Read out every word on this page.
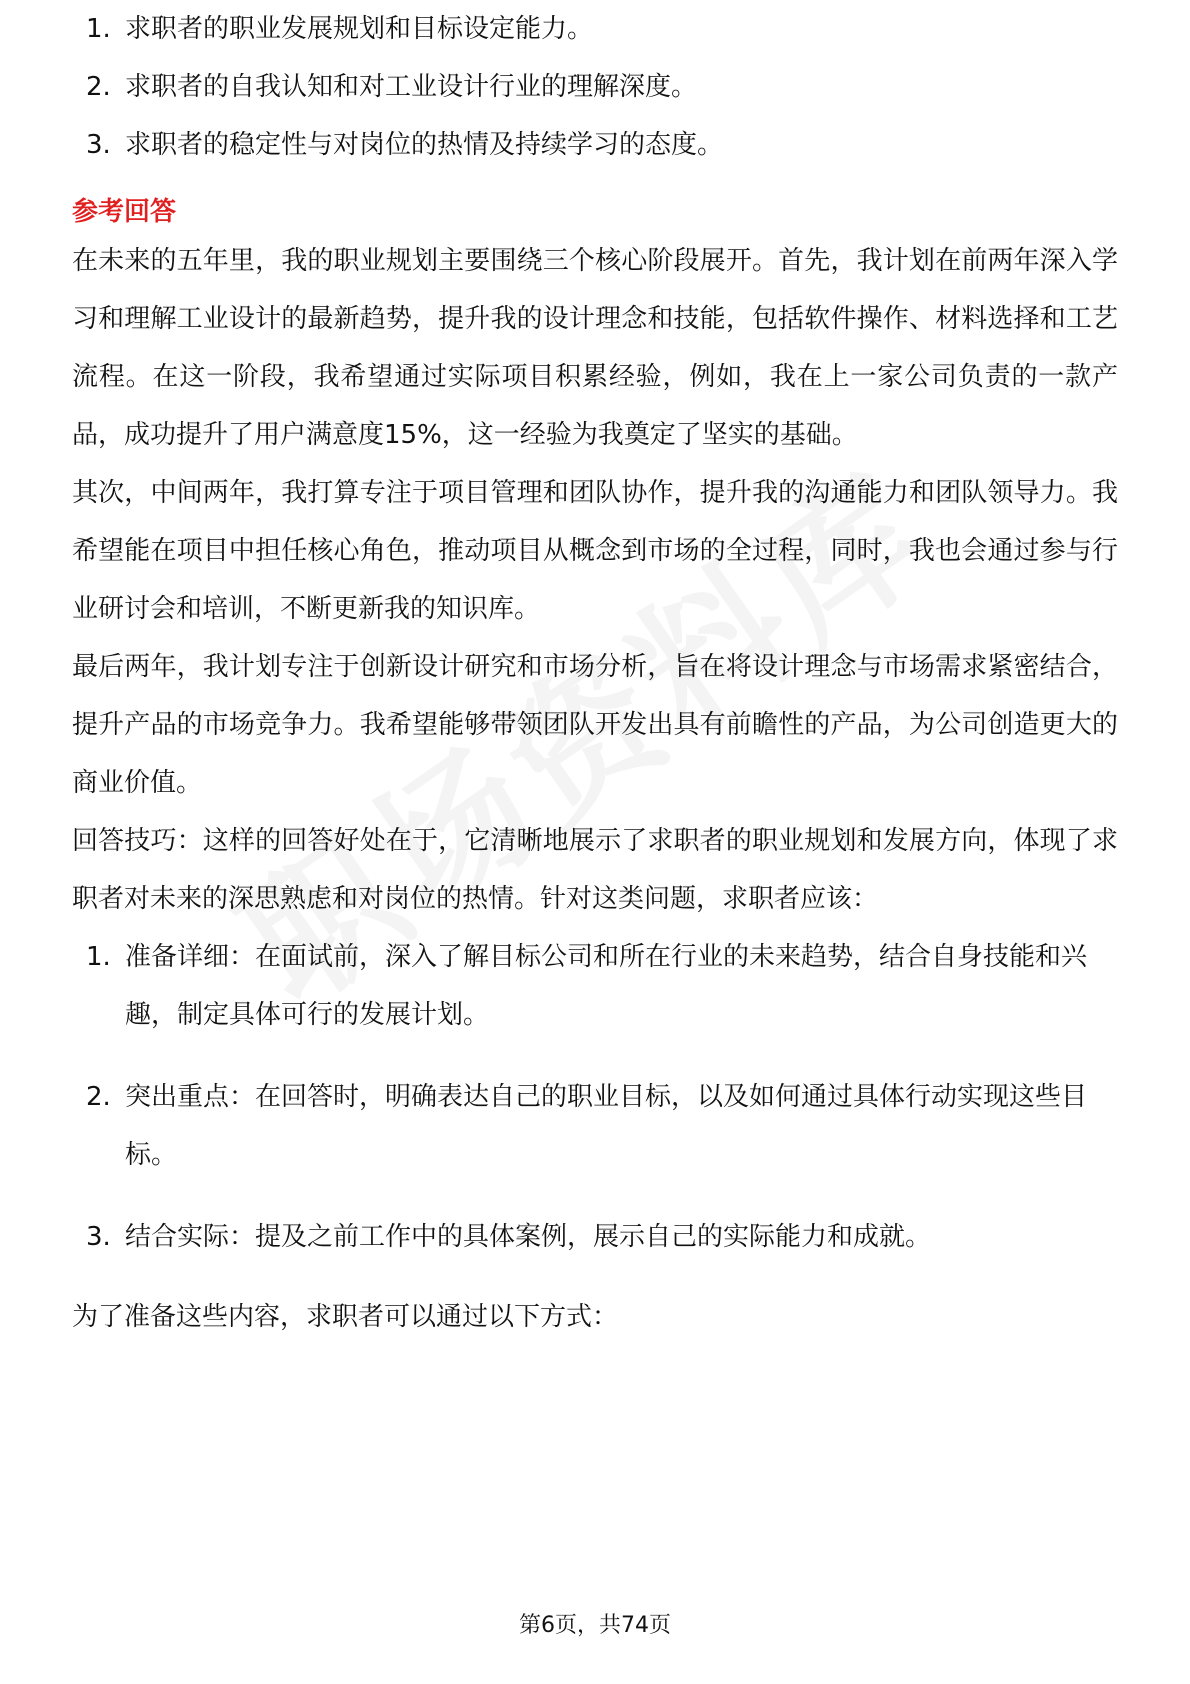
1. 求职者的职业发展规划和目标设定能力。
2. 求职者的自我认知和对工业设计行业的理解深度。
3. 求职者的稳定性与对岗位的热情及持续学习的态度。
参考回答

在未来的五年里，我的职业规划主要围绕三个核心阶段展开。首先，我计划在前两年深入学习和理解工业设计的最新趋势，提升我的设计理念和技能，包括软件操作、材料选择和工艺流程。在这一阶段，我希望通过实际项目积累经验，例如，我在上一家公司负责的一款产品，成功提升了用户满意度15%，这一经验为我奠定了坚实的基础。

其次，中间两年，我打算专注于项目管理和团队协作，提升我的沟通能力和团队领导力。我希望能在项目中担任核心角色，推动项目从概念到市场的全过程，同时，我也会通过参与行业研讨会和培训，不断更新我的知识库。

最后两年，我计划专注于创新设计研究和市场分析，旨在将设计理念与市场需求紧密结合，提升产品的市场竞争力。我希望能够带领团队开发出具有前瞻性的产品，为公司创造更大的商业价值。

回答技巧：这样的回答好处在于，它清晰地展示了求职者的职业规划和发展方向，体现了求职者对未来的深思熟虑和对岗位的热情。针对这类问题，求职者应该：

1. 准备详细：在面试前，深入了解目标公司和所在行业的未来趋势，结合自身技能和兴趣，制定具体可行的发展计划。
2. 突出重点：在回答时，明确表达自己的职业目标，以及如何通过具体行动实现这些目标。
3. 结合实际：提及之前工作中的具体案例，展示自己的实际能力和成就。

为了准备这些内容，求职者可以通过以下方式：

第6页，共74页
